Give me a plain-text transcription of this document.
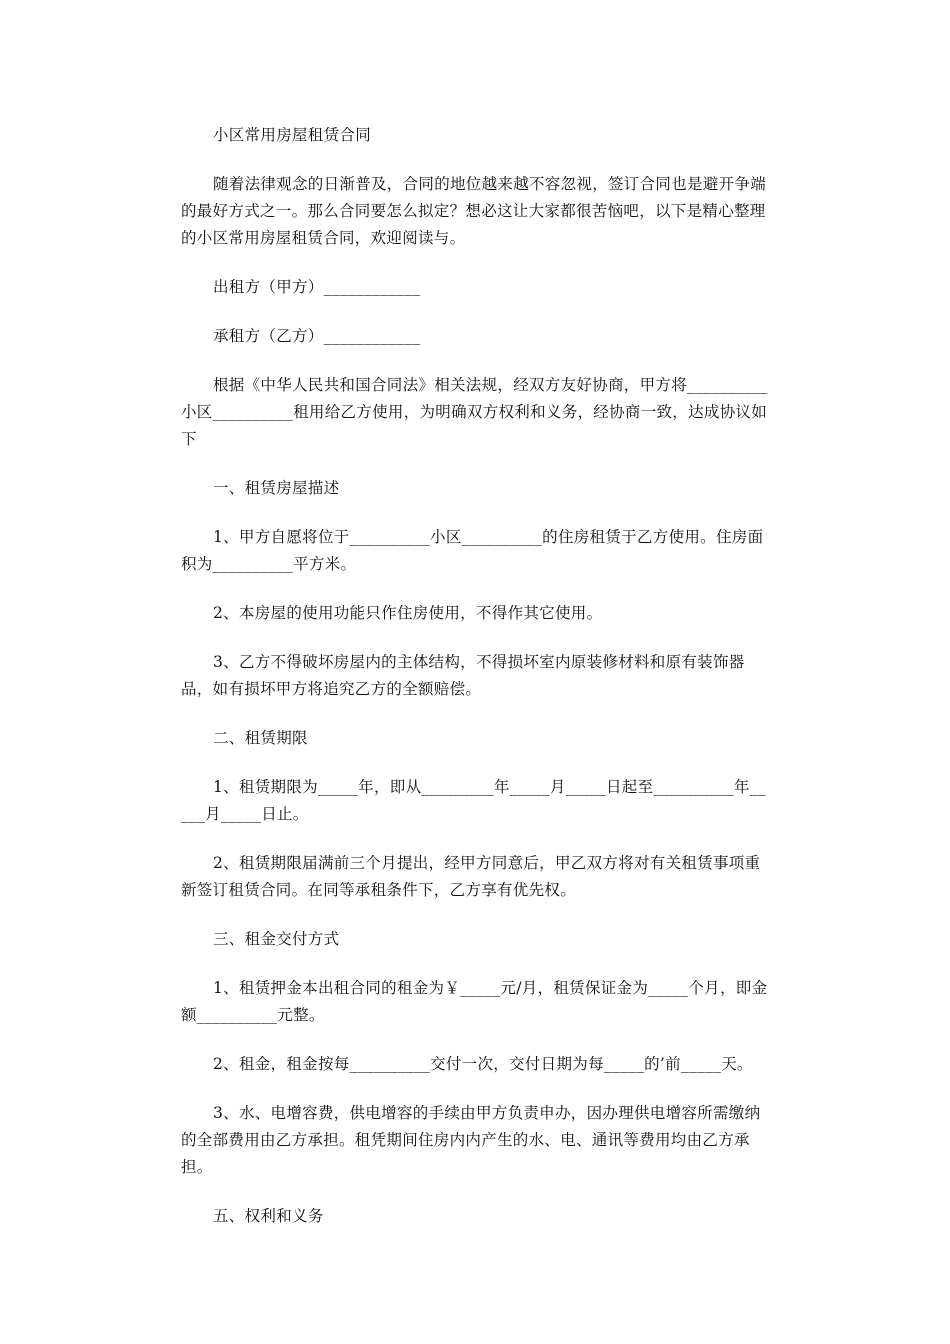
小区常用房屋租赁合同

随着法律观念的日渐普及，合同的地位越来越不容忽视，签订合同也是避开争端的最好方式之一。那么合同要怎么拟定？想必这让大家都很苦恼吧，以下是精心整理的小区常用房屋租赁合同，欢迎阅读与。

出租方（甲方）____________

承租方（乙方）____________

根据《中华人民共和国合同法》相关法规，经双方友好协商，甲方将__________小区__________租用给乙方使用，为明确双方权利和义务，经协商一致，达成协议如下

一、租赁房屋描述

1、甲方自愿将位于__________小区__________的住房租赁于乙方使用。住房面积为__________平方米。

2、本房屋的使用功能只作住房使用，不得作其它使用。

3、乙方不得破坏房屋内的主体结构，不得损坏室内原装修材料和原有装饰器品，如有损坏甲方将追究乙方的全额赔偿。

二、租赁期限

1、租赁期限为_____年，即从_________年_____月_____日起至__________年_____月_____日止。

2、租赁期限届满前三个月提出，经甲方同意后，甲乙双方将对有关租赁事项重新签订租赁合同。在同等承租条件下，乙方享有优先权。

三、租金交付方式

1、租赁押金本出租合同的租金为￥_____元/月，租赁保证金为_____个月，即金额__________元整。

2、租金，租金按每__________交付一次，交付日期为每_____的’前_____天。

3、水、电增容费，供电增容的手续由甲方负责申办，因办理供电增容所需缴纳的全部费用由乙方承担。租凭期间住房内内产生的水、电、通讯等费用均由乙方承担。

五、权利和义务
